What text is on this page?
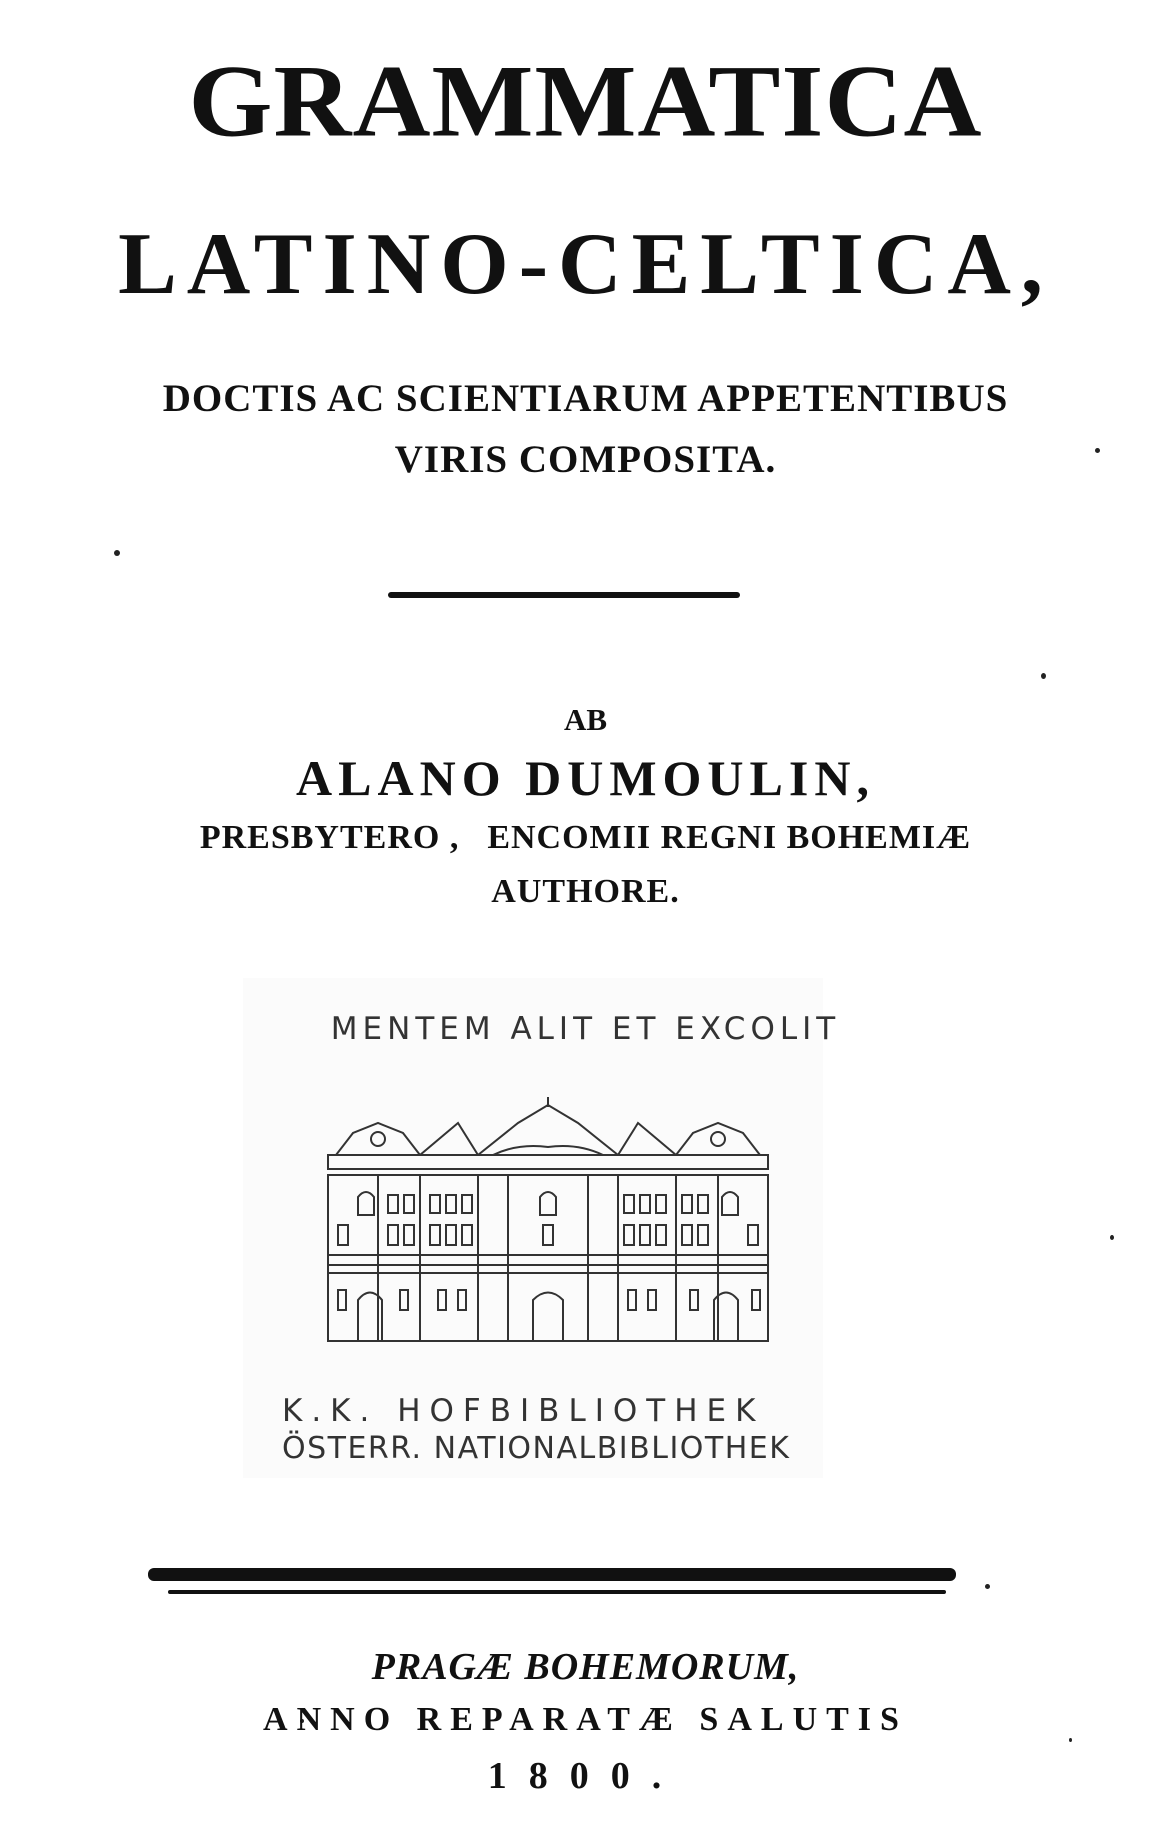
GRAMMATICA
LATINO-CELTICA,
DOCTIS AC SCIENTIARUM APPETENTIBUS
VIRIS COMPOSITA.
AB
ALANO DUMOULIN,
PRESBYTERO , ENCOMII REGNI BOHEMIÆ
AUTHORE.
MENTEM ALIT ET EXCOLIT
K.K. HOFBIBLIOTHEK
ÖSTERR. NATIONALBIBLIOTHEK
PRAGÆ BOHEMORUM,
ANNO REPARATÆ SALUTIS
1800.
